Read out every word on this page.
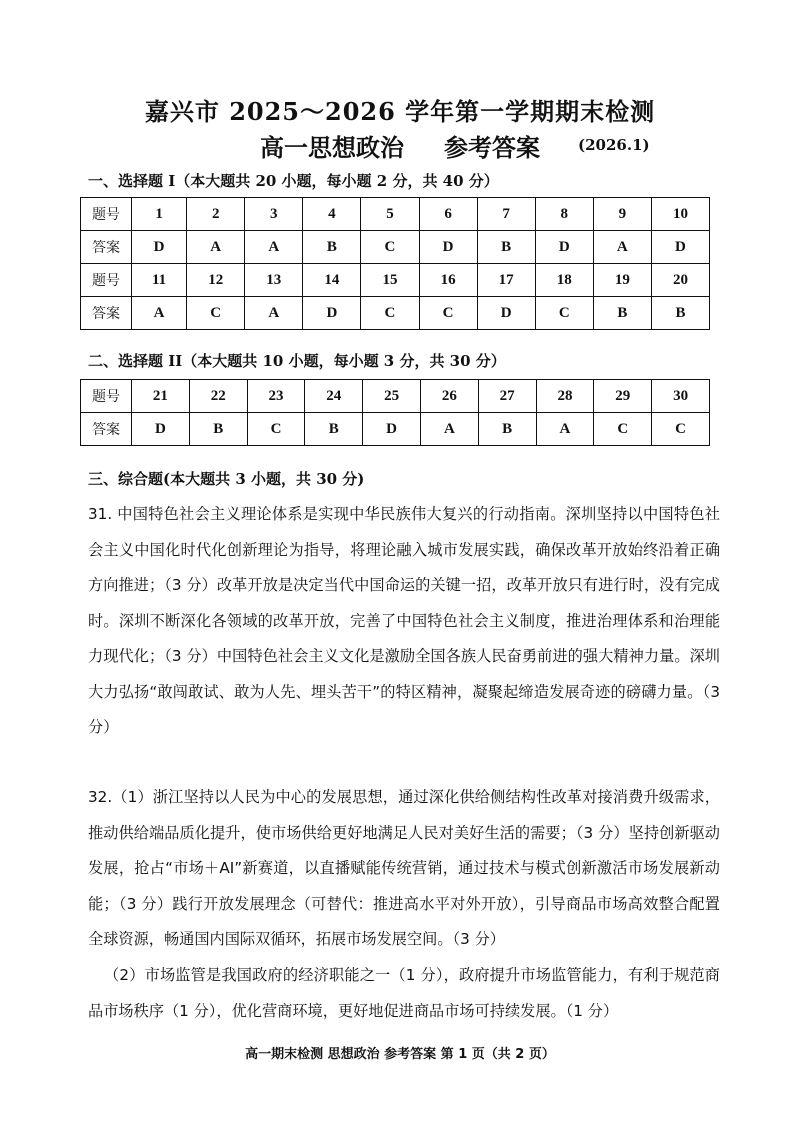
嘉兴市 2025～2026 学年第一学期期末检测
高一思想政治 参考答案	(2026.1)
一、选择题 I（本大题共 20 小题，每小题 2 分，共 40 分）
题号	1	2	3	4	5	6	7	8	9	10
答案	D	A	A	B	C	D	B	D	A	D
题号	11	12	13	14	15	16	17	18	19	20
答案	A	C	A	D	C	C	D	C	B	B
二、选择题 II（本大题共 10 小题，每小题 3 分，共 30 分）
题号	21	22	23	24	25	26	27	28	29	30
答案	D	B	C	B	D	A	B	A	C	C
三、综合题(本大题共 3 小题，共 30 分)
31. 中国特色社会主义理论体系是实现中华民族伟大复兴的行动指南。深圳坚持以中国特色社会主义中国化时代化创新理论为指导，将理论融入城市发展实践，确保改革开放始终沿着正确方向推进；（3 分）改革开放是决定当代中国命运的关键一招，改革开放只有进行时，没有完成时。深圳不断深化各领域的改革开放，完善了中国特色社会主义制度，推进治理体系和治理能力现代化；（3 分）中国特色社会主义文化是激励全国各族人民奋勇前进的强大精神力量。深圳大力弘扬“敢闯敢试、敢为人先、埋头苦干”的特区精神，凝聚起缔造发展奇迹的磅礴力量。（3 分）
32.（1）浙江坚持以人民为中心的发展思想，通过深化供给侧结构性改革对接消费升级需求，推动供给端品质化提升，使市场供给更好地满足人民对美好生活的需要；（3 分）坚持创新驱动发展，抢占“市场＋AI”新赛道，以直播赋能传统营销，通过技术与模式创新激活市场发展新动能；（3 分）践行开放发展理念（可替代：推进高水平对外开放），引导商品市场高效整合配置全球资源，畅通国内国际双循环，拓展市场发展空间。（3 分）
（2）市场监管是我国政府的经济职能之一（1 分），政府提升市场监管能力，有利于规范商品市场秩序（1 分），优化营商环境，更好地促进商品市场可持续发展。（1 分）
高一期末检测 思想政治 参考答案 第 1 页（共 2 页）
